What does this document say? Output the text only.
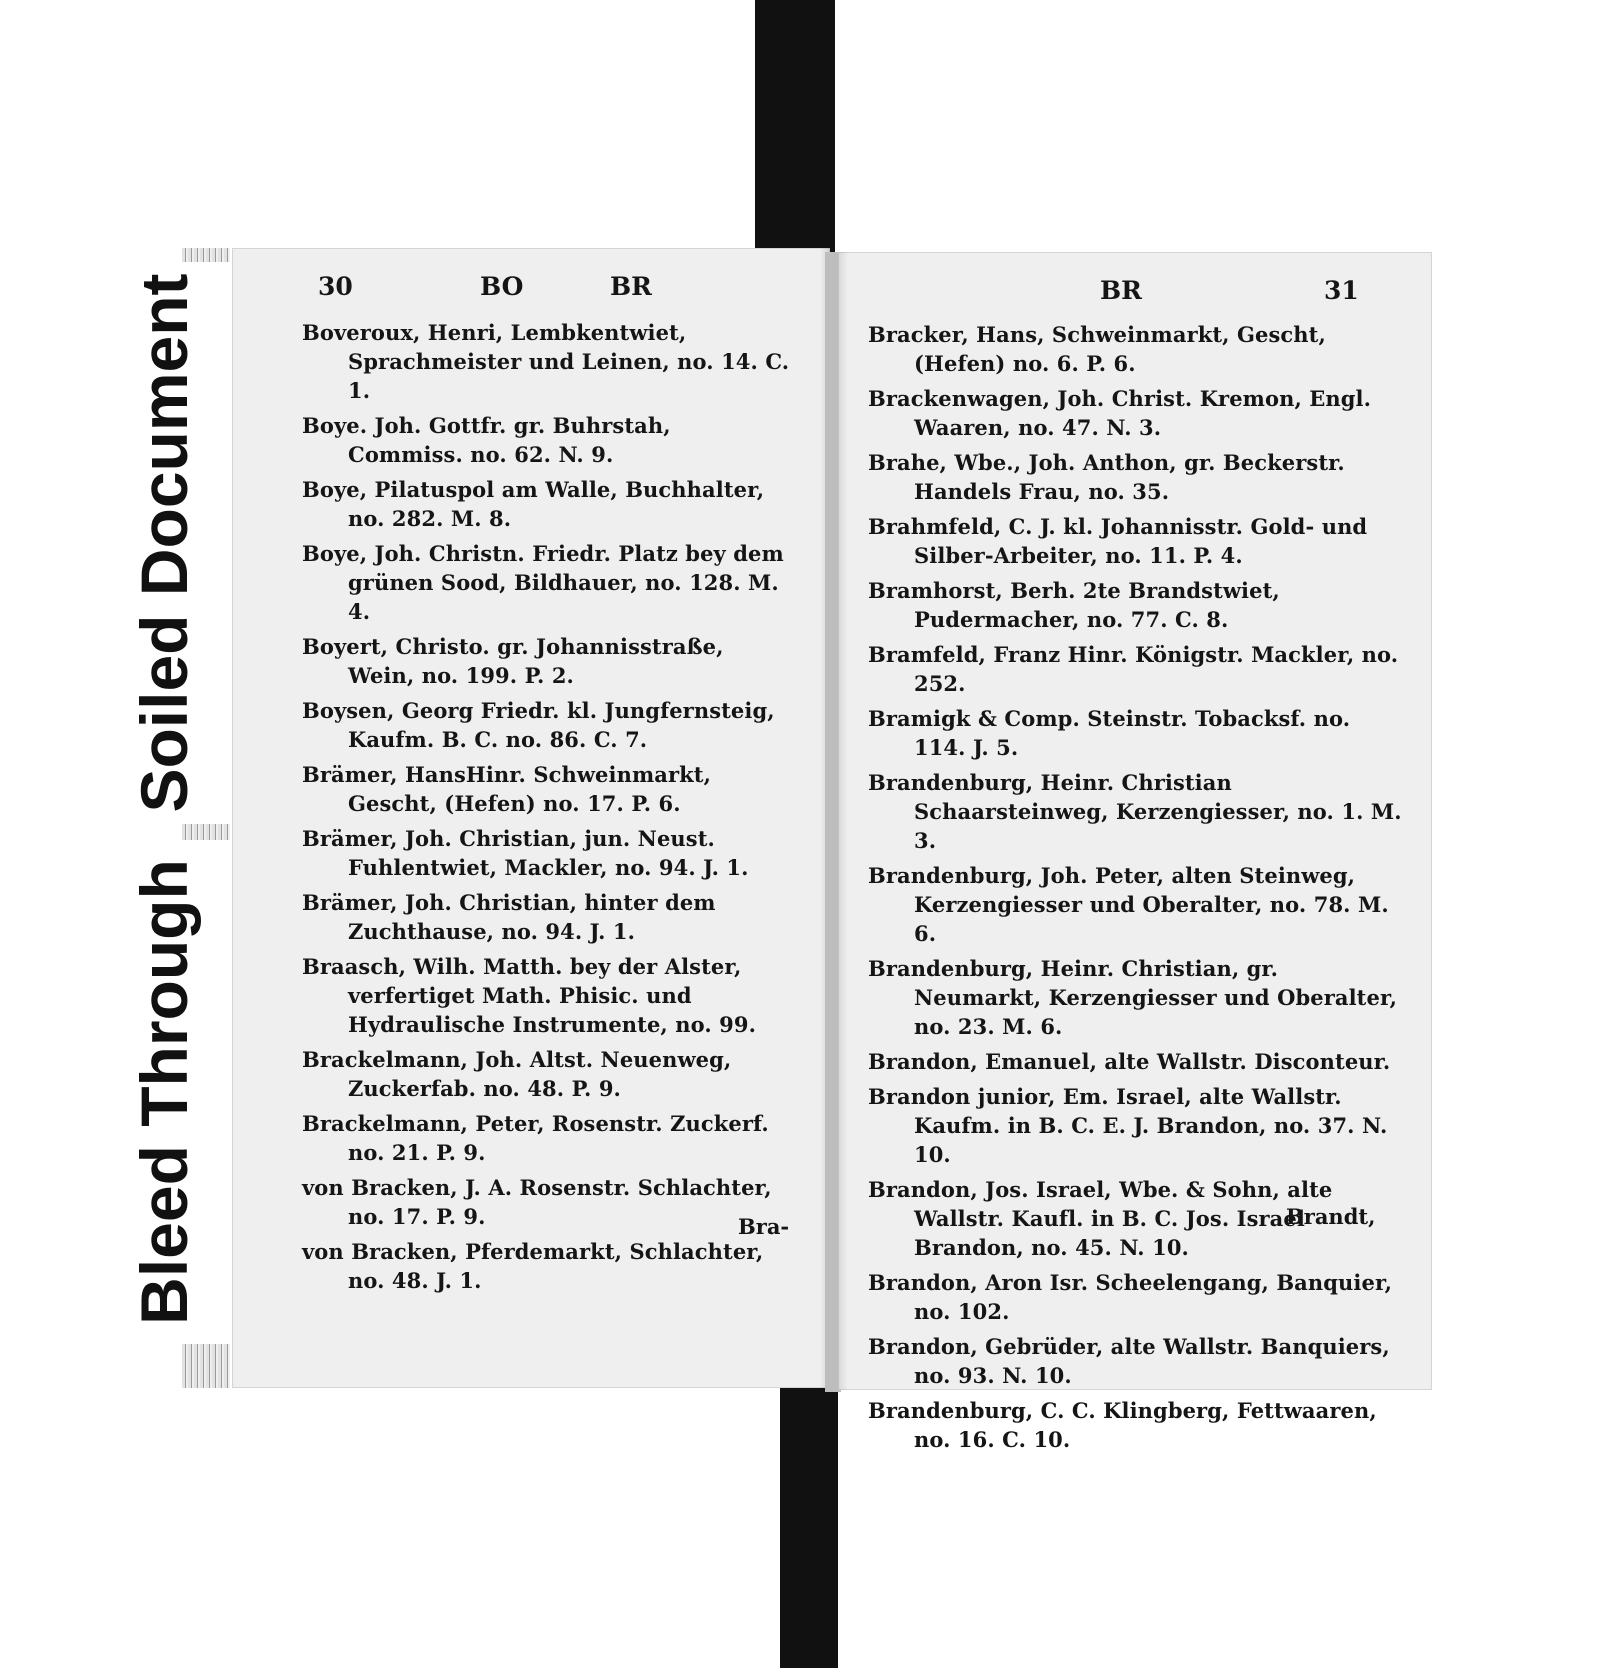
30	BO	BR
Boveroux, Henri, Lembkentwiet, Sprachmeister und Leinen, no. 14. C. 1.
Boye. Joh. Gottfr. gr. Buhrstah, Commiss. no. 62. N. 9.
Boye, Pilatuspol am Walle, Buchhalter, no. 282. M. 8.
Boye, Joh. Christn. Friedr. Platz bey dem grünen Sood, Bildhauer, no. 128. M. 4.
Boyert, Christo. gr. Johannisstraße, Wein, no. 199. P. 2.
Boysen, Georg Friedr. kl. Jungfernsteig, Kaufm. B. C. no. 86. C. 7.
Brämer, HansHinr. Schweinmarkt, Gescht, (Hefen) no. 17. P. 6.
Brämer, Joh. Christian, jun. Neust. Fuhlentwiet, Mackler, no. 94. J. 1.
Brämer, Joh. Christian, hinter dem Zuchthause, no. 94. J. 1.
Braasch, Wilh. Matth. bey der Alster, verfertiget Math. Phisic. und Hydraulische Instrumente, no. 99.
Brackelmann, Joh. Altst. Neuenweg, Zuckerfab. no. 48. P. 9.
Brackelmann, Peter, Rosenstr. Zuckerf. no. 21. P. 9.
von Bracken, J. A. Rosenstr. Schlachter, no. 17. P. 9.
von Bracken, Pferdemarkt, Schlachter, no. 48. J. 1.
Bra-
BR	31
Bracker, Hans, Schweinmarkt, Gescht, (Hefen) no. 6. P. 6.
Brackenwagen, Joh. Christ. Kremon, Engl. Waaren, no. 47. N. 3.
Brahe, Wbe., Joh. Anthon, gr. Beckerstr. Handels Frau, no. 35.
Brahmfeld, C. J. kl. Johannisstr. Gold- und Silber-Arbeiter, no. 11. P. 4.
Bramhorst, Berh. 2te Brandstwiet, Pudermacher, no. 77. C. 8.
Bramfeld, Franz Hinr. Königstr. Mackler, no. 252.
Bramigk & Comp. Steinstr. Tobacksf. no. 114. J. 5.
Brandenburg, Heinr. Christian Schaarsteinweg, Kerzengiesser, no. 1. M. 3.
Brandenburg, Joh. Peter, alten Steinweg, Kerzengiesser und Oberalter, no. 78. M. 6.
Brandenburg, Heinr. Christian, gr. Neumarkt, Kerzengiesser und Oberalter, no. 23. M. 6.
Brandon, Emanuel, alte Wallstr. Disconteur.
Brandon junior, Em. Israel, alte Wallstr. Kaufm. in B. C. E. J. Brandon, no. 37. N. 10.
Brandon, Jos. Israel, Wbe. & Sohn, alte Wallstr. Kaufl. in B. C. Jos. Israel Brandon, no. 45. N. 10.
Brandon, Aron Isr. Scheelengang, Banquier, no. 102.
Brandon, Gebrüder, alte Wallstr. Banquiers, no. 93. N. 10.
Brandenburg, C. C. Klingberg, Fettwaaren, no. 16. C. 10.
Brandt,
Soiled Document
Bleed Through
